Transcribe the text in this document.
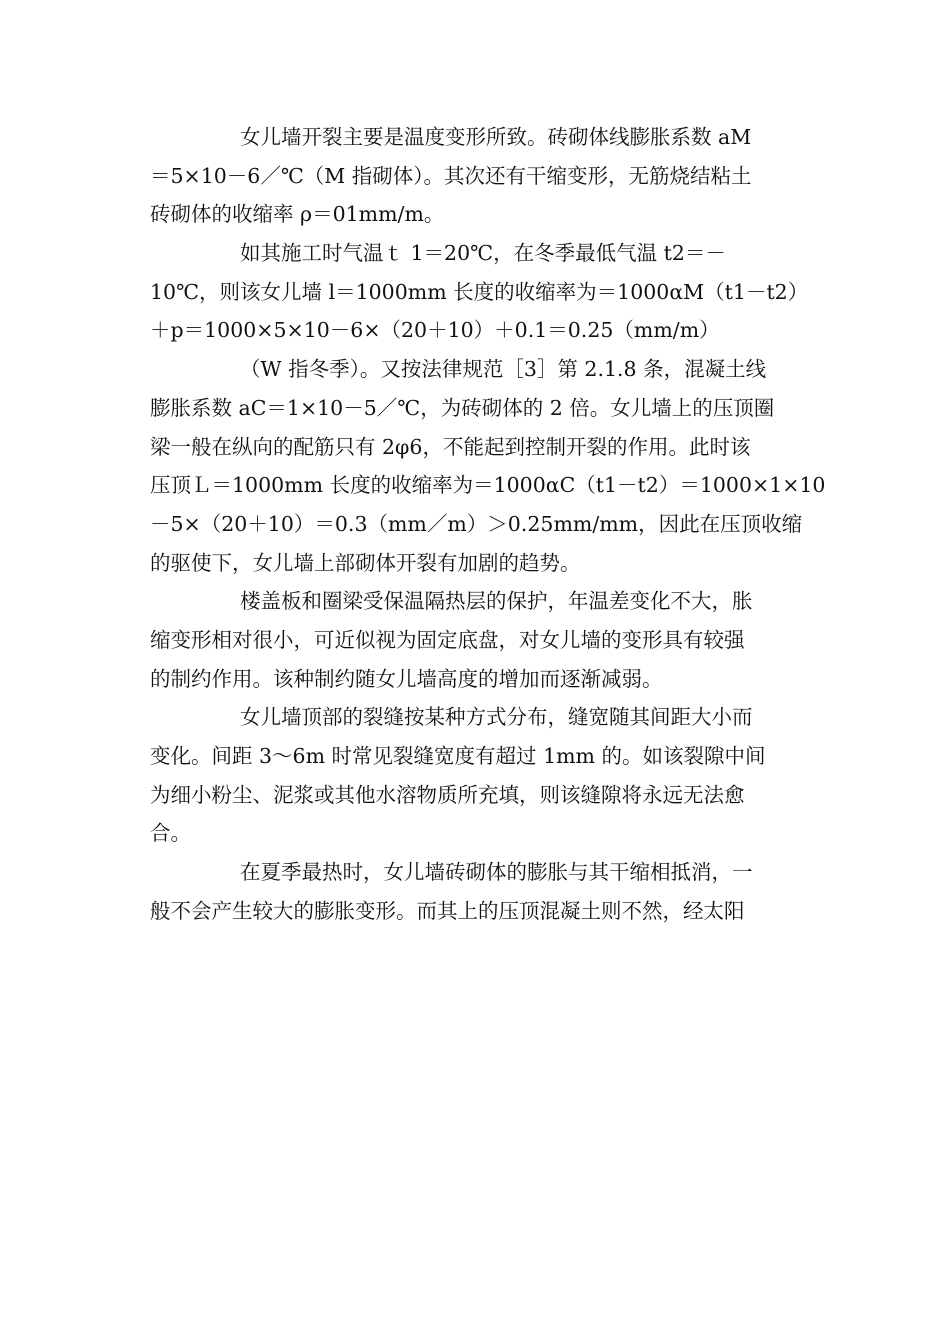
女儿墙开裂主要是温度变形所致。砖砌体线膨胀系数 aM
＝5×10－6／℃（M 指砌体）。其次还有干缩变形，无筋烧结粘土
砖砌体的收缩率 ρ＝01mm/m。
如其施工时气温ｔ 1＝20℃，在冬季最低气温 t2＝－
10℃，则该女儿墙 l＝1000mm 长度的收缩率为＝1000αM（t1－t2）
＋p＝1000×5×10－6×（20＋10）＋0.1＝0.25（mm/m）
（W 指冬季）。又按法律规范［3］第 2.1.8 条，混凝土线
膨胀系数 aC＝1×10－5／℃，为砖砌体的 2 倍。女儿墙上的压顶圈
梁一般在纵向的配筋只有 2φ6，不能起到控制开裂的作用。此时该
压顶Ｌ＝1000mm 长度的收缩率为＝1000αC（t1－t2）＝1000×1×10
－5×（20＋10）＝0.3（mm／m）＞0.25mm/mm，因此在压顶收缩
的驱使下，女儿墙上部砌体开裂有加剧的趋势。
楼盖板和圈梁受保温隔热层的保护，年温差变化不大，胀
缩变形相对很小，可近似视为固定底盘，对女儿墙的变形具有较强
的制约作用。该种制约随女儿墙高度的增加而逐渐减弱。
女儿墙顶部的裂缝按某种方式分布，缝宽随其间距大小而
变化。间距 3～6m 时常见裂缝宽度有超过 1mm 的。如该裂隙中间
为细小粉尘、泥浆或其他水溶物质所充填，则该缝隙将永远无法愈
合。
在夏季最热时，女儿墙砖砌体的膨胀与其干缩相抵消，一
般不会产生较大的膨胀变形。而其上的压顶混凝土则不然，经太阳
